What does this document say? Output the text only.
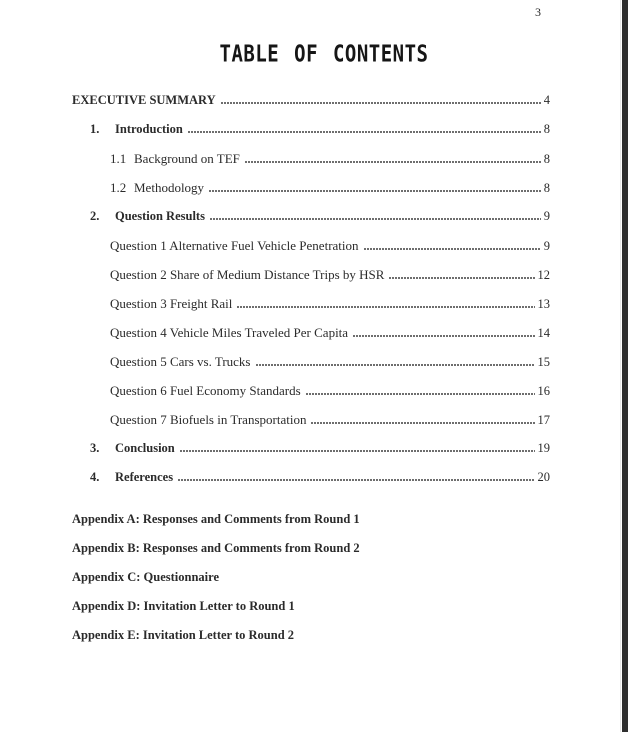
3
TABLE OF CONTENTS
EXECUTIVE SUMMARY	4
1.	Introduction	8
1.1 Background on TEF	8
1.2 Methodology	8
2.	Question Results	9
Question 1 Alternative Fuel Vehicle Penetration	9
Question 2 Share of Medium Distance Trips by HSR	12
Question 3 Freight Rail	13
Question 4 Vehicle Miles Traveled Per Capita	14
Question 5 Cars vs. Trucks	15
Question 6 Fuel Economy Standards	16
Question 7 Biofuels in Transportation	17
3.	Conclusion	19
4.	References	20
Appendix A: Responses and Comments from Round 1
Appendix B: Responses and Comments from Round 2
Appendix C: Questionnaire
Appendix D: Invitation Letter to Round 1
Appendix E: Invitation Letter to Round 2
